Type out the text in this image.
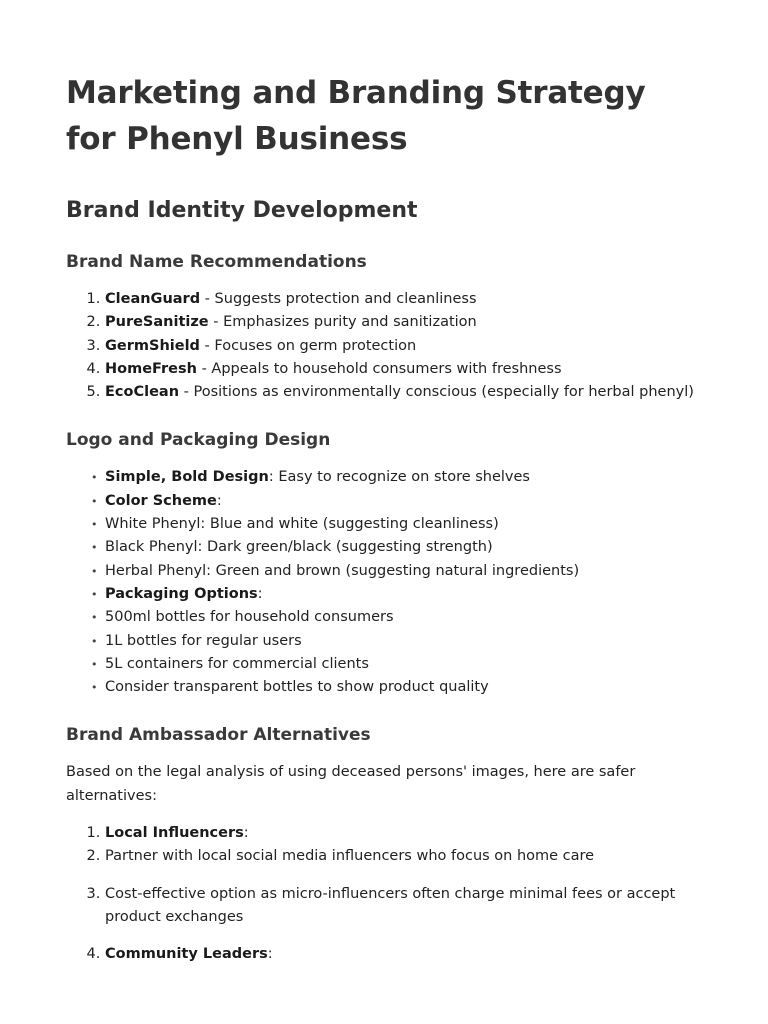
Marketing and Branding Strategy for Phenyl Business
Brand Identity Development
Brand Name Recommendations
1. CleanGuard - Suggests protection and cleanliness
2. PureSanitize - Emphasizes purity and sanitization
3. GermShield - Focuses on germ protection
4. HomeFresh - Appeals to household consumers with freshness
5. EcoClean - Positions as environmentally conscious (especially for herbal phenyl)
Logo and Packaging Design
• Simple, Bold Design: Easy to recognize on store shelves
• Color Scheme:
• White Phenyl: Blue and white (suggesting cleanliness)
• Black Phenyl: Dark green/black (suggesting strength)
• Herbal Phenyl: Green and brown (suggesting natural ingredients)
• Packaging Options:
• 500ml bottles for household consumers
• 1L bottles for regular users
• 5L containers for commercial clients
• Consider transparent bottles to show product quality
Brand Ambassador Alternatives

Based on the legal analysis of using deceased persons' images, here are safer alternatives:

1. Local Influencers:
2. Partner with local social media influencers who focus on home care
3. Cost-effective option as micro-influencers often charge minimal fees or accept product exchanges
4. Community Leaders:
